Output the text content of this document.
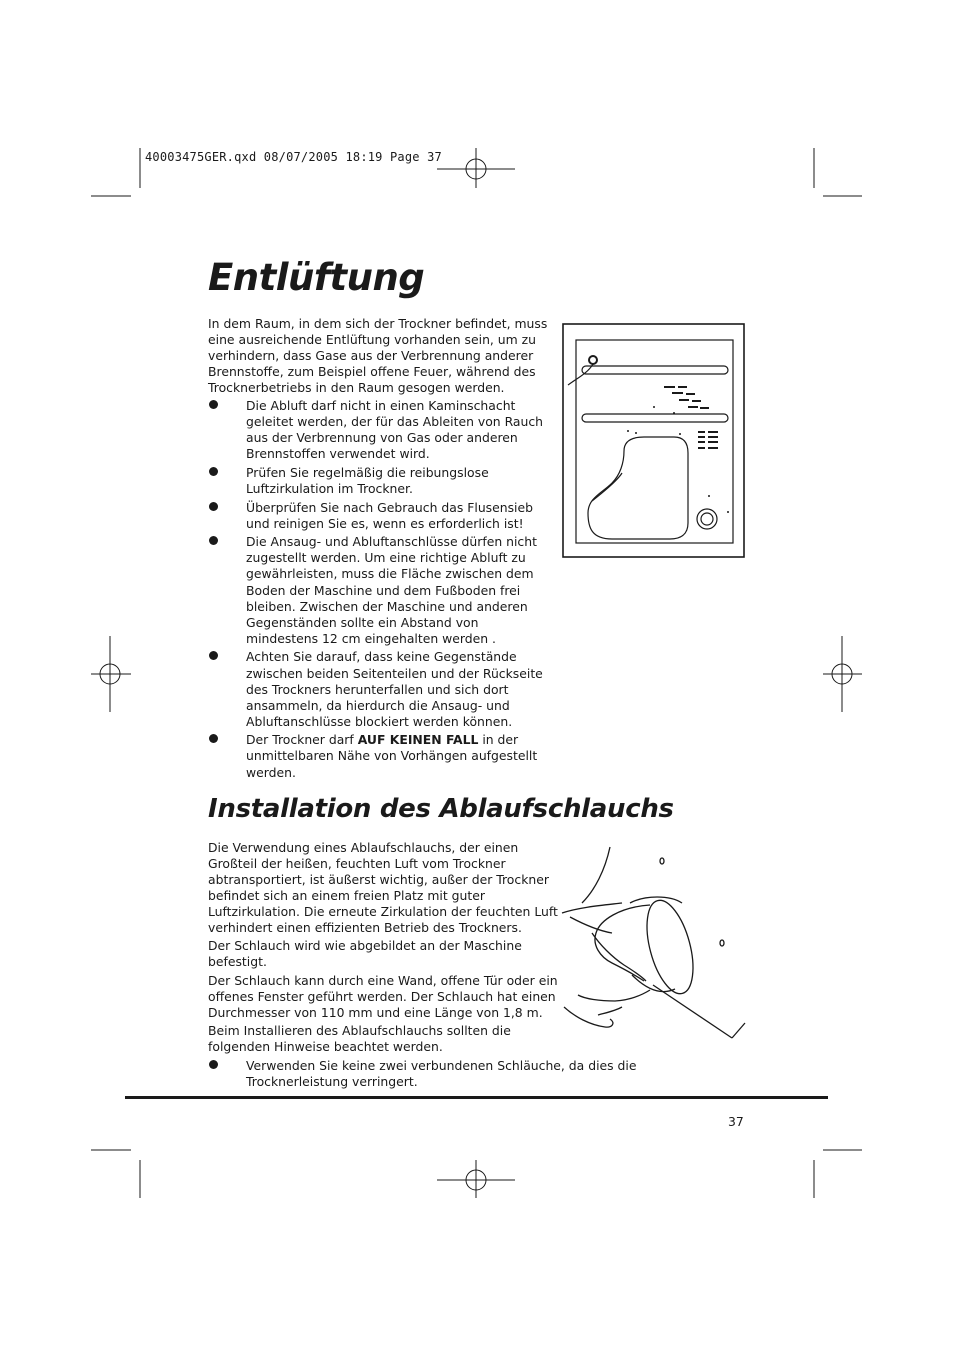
40003475GER.qxd 08/07/2005 18:19 Page 37
Entlüftung
In dem Raum, in dem sich der Trockner befindet, muss eine ausreichende Entlüftung vorhanden sein, um zu verhindern, dass Gase aus der Verbrennung anderer Brennstoffe, zum Beispiel offene Feuer, während des Trocknerbetriebs in den Raum gesogen werden.
Die Abluft darf nicht in einen Kaminschacht geleitet werden, der für das Ableiten von Rauch aus der Verbrennung von Gas oder anderen Brennstoffen verwendet wird.
Prüfen Sie regelmäßig die reibungslose Luftzirkulation im Trockner.
Überprüfen Sie nach Gebrauch das Flusensieb und reinigen Sie es, wenn es erforderlich ist!
Die Ansaug- und Abluftanschlüsse dürfen nicht zugestellt werden. Um eine richtige Abluft zu gewährleisten, muss die Fläche zwischen dem Boden der Maschine und dem Fußboden frei bleiben. Zwischen der Maschine und anderen Gegenständen sollte ein Abstand von mindestens 12 cm eingehalten werden .
Achten Sie darauf, dass keine Gegenstände zwischen beiden Seitenteilen und der Rückseite des Trockners herunterfallen und sich dort ansammeln, da hierdurch die Ansaug- und Abluftanschlüsse blockiert werden können.
Der Trockner darf AUF KEINEN FALL in der unmittelbaren Nähe von Vorhängen aufgestellt werden.
Installation des Ablaufschlauchs
Die Verwendung eines Ablaufschlauchs, der einen Großteil der heißen, feuchten Luft vom Trockner abtransportiert, ist äußerst wichtig, außer der Trockner befindet sich an einem freien Platz mit guter Luftzirkulation. Die erneute Zirkulation der feuchten Luft verhindert einen effizienten Betrieb des Trockners.
Der Schlauch wird wie abgebildet an der Maschine befestigt.
Der Schlauch kann durch eine Wand, offene Tür oder ein offenes Fenster geführt werden. Der Schlauch hat einen Durchmesser von 110 mm und eine Länge von 1,8 m.
Beim Installieren des Ablaufschlauchs sollten die folgenden Hinweise beachtet werden.
Verwenden Sie keine zwei verbundenen Schläuche, da dies die Trocknerleistung verringert.
37
